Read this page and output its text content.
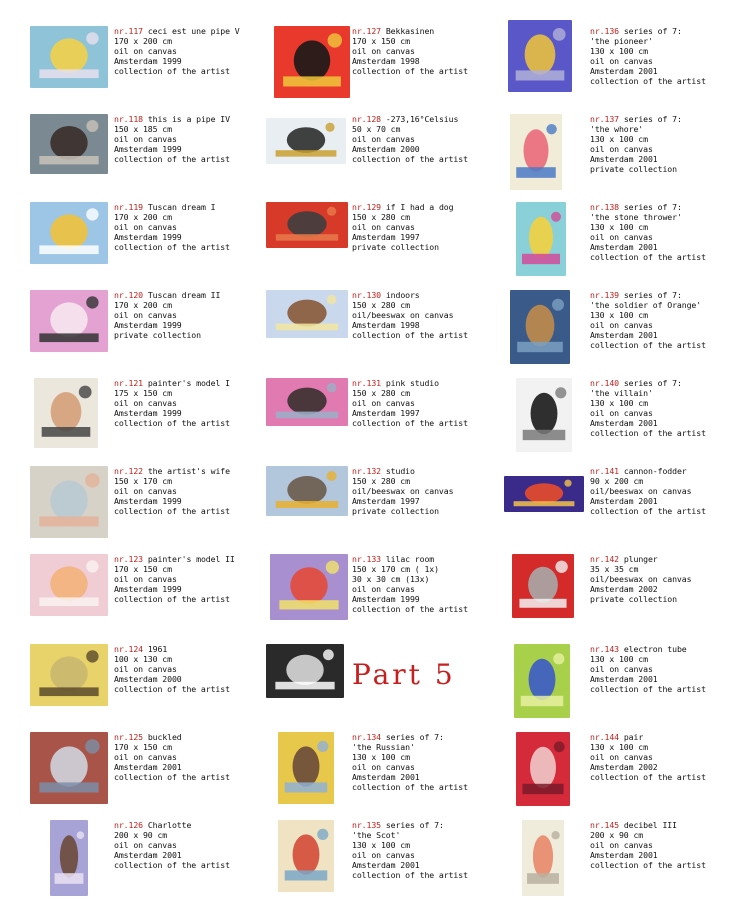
nr.117 ceci est une pipe V
170 x 200 cm
oil on canvas
Amsterdam 1999
collection of the artist
nr.118 this is a pipe IV
150 x 185 cm
oil on canvas
Amsterdam 1999
collection of the artist
nr.119 Tuscan dream I
170 x 200 cm
oil on canvas
Amsterdam 1999
collection of the artist
nr.120 Tuscan dream II
170 x 200 cm
oil on canvas
Amsterdam 1999
private collection
nr.121 painter's model I
175 x 150 cm
oil on canvas
Amsterdam 1999
collection of the artist
nr.122 the artist's wife
150 x 170 cm
oil on canvas
Amsterdam 1999
collection of the artist
nr.123 painter's model II
170 x 150 cm
oil on canvas
Amsterdam 1999
collection of the artist
nr.124 1961
100 x 130 cm
oil on canvas
Amsterdam 2000
collection of the artist
nr.125 buckled
170 x 150 cm
oil on canvas
Amsterdam 2001
collection of the artist
nr.126 Charlotte
200 x 90 cm
oil on canvas
Amsterdam 2001
collection of the artist
nr.127 Bekkasinen
170 x 150 cm
oil on canvas
Amsterdam 1998
collection of the artist
nr.128 -273,16°Celsius
50 x 70 cm
oil on canvas
Amsterdam 2000
collection of the artist
nr.129 if I had a dog
150 x 280 cm
oil on canvas
Amsterdam 1997
private collection
nr.130 indoors
150 x 280 cm
oil/beeswax on canvas
Amsterdam 1998
collection of the artist
nr.131 pink studio
150 x 280 cm
oil on canvas
Amsterdam 1997
collection of the artist
nr.132 studio
150 x 280 cm
oil/beeswax on canvas
Amsterdam 1997
private collection
nr.133 lilac room
150 x 170 cm ( 1x)
30 x 30 cm (13x)
oil on canvas
Amsterdam 1999
collection of the artist
Part 5
nr.134 series of 7:
'the Russian'
130 x 100 cm
oil on canvas
Amsterdam 2001
collection of the artist
nr.135 series of 7:
'the Scot'
130 x 100 cm
oil on canvas
Amsterdam 2001
collection of the artist
nr.136 series of 7:
'the pioneer'
130 x 100 cm
oil on canvas
Amsterdam 2001
collection of the artist
nr.137 series of 7:
'the whore'
130 x 100 cm
oil on canvas
Amsterdam 2001
private collection
nr.138 series of 7:
'the stone thrower'
130 x 100 cm
oil on canvas
Amsterdam 2001
collection of the artist
nr.139 series of 7:
'the soldier of Orange'
130 x 100 cm
oil on canvas
Amsterdam 2001
collection of the artist
nr.140 series of 7:
'the villain'
130 x 100 cm
oil on canvas
Amsterdam 2001
collection of the artist
nr.141 cannon-fodder
90 x 200 cm
oil/beeswax on canvas
Amsterdam 2001
collection of the artist
nr.142 plunger
35 x 35 cm
oil/beeswax on canvas
Amsterdam 2002
private collection
nr.143 electron tube
130 x 100 cm
oil on canvas
Amsterdam 2001
collection of the artist
nr.144 pair
130 x 100 cm
oil on canvas
Amsterdam 2002
collection of the artist
nr.145 decibel III
200 x 90 cm
oil on canvas
Amsterdam 2001
collection of the artist
